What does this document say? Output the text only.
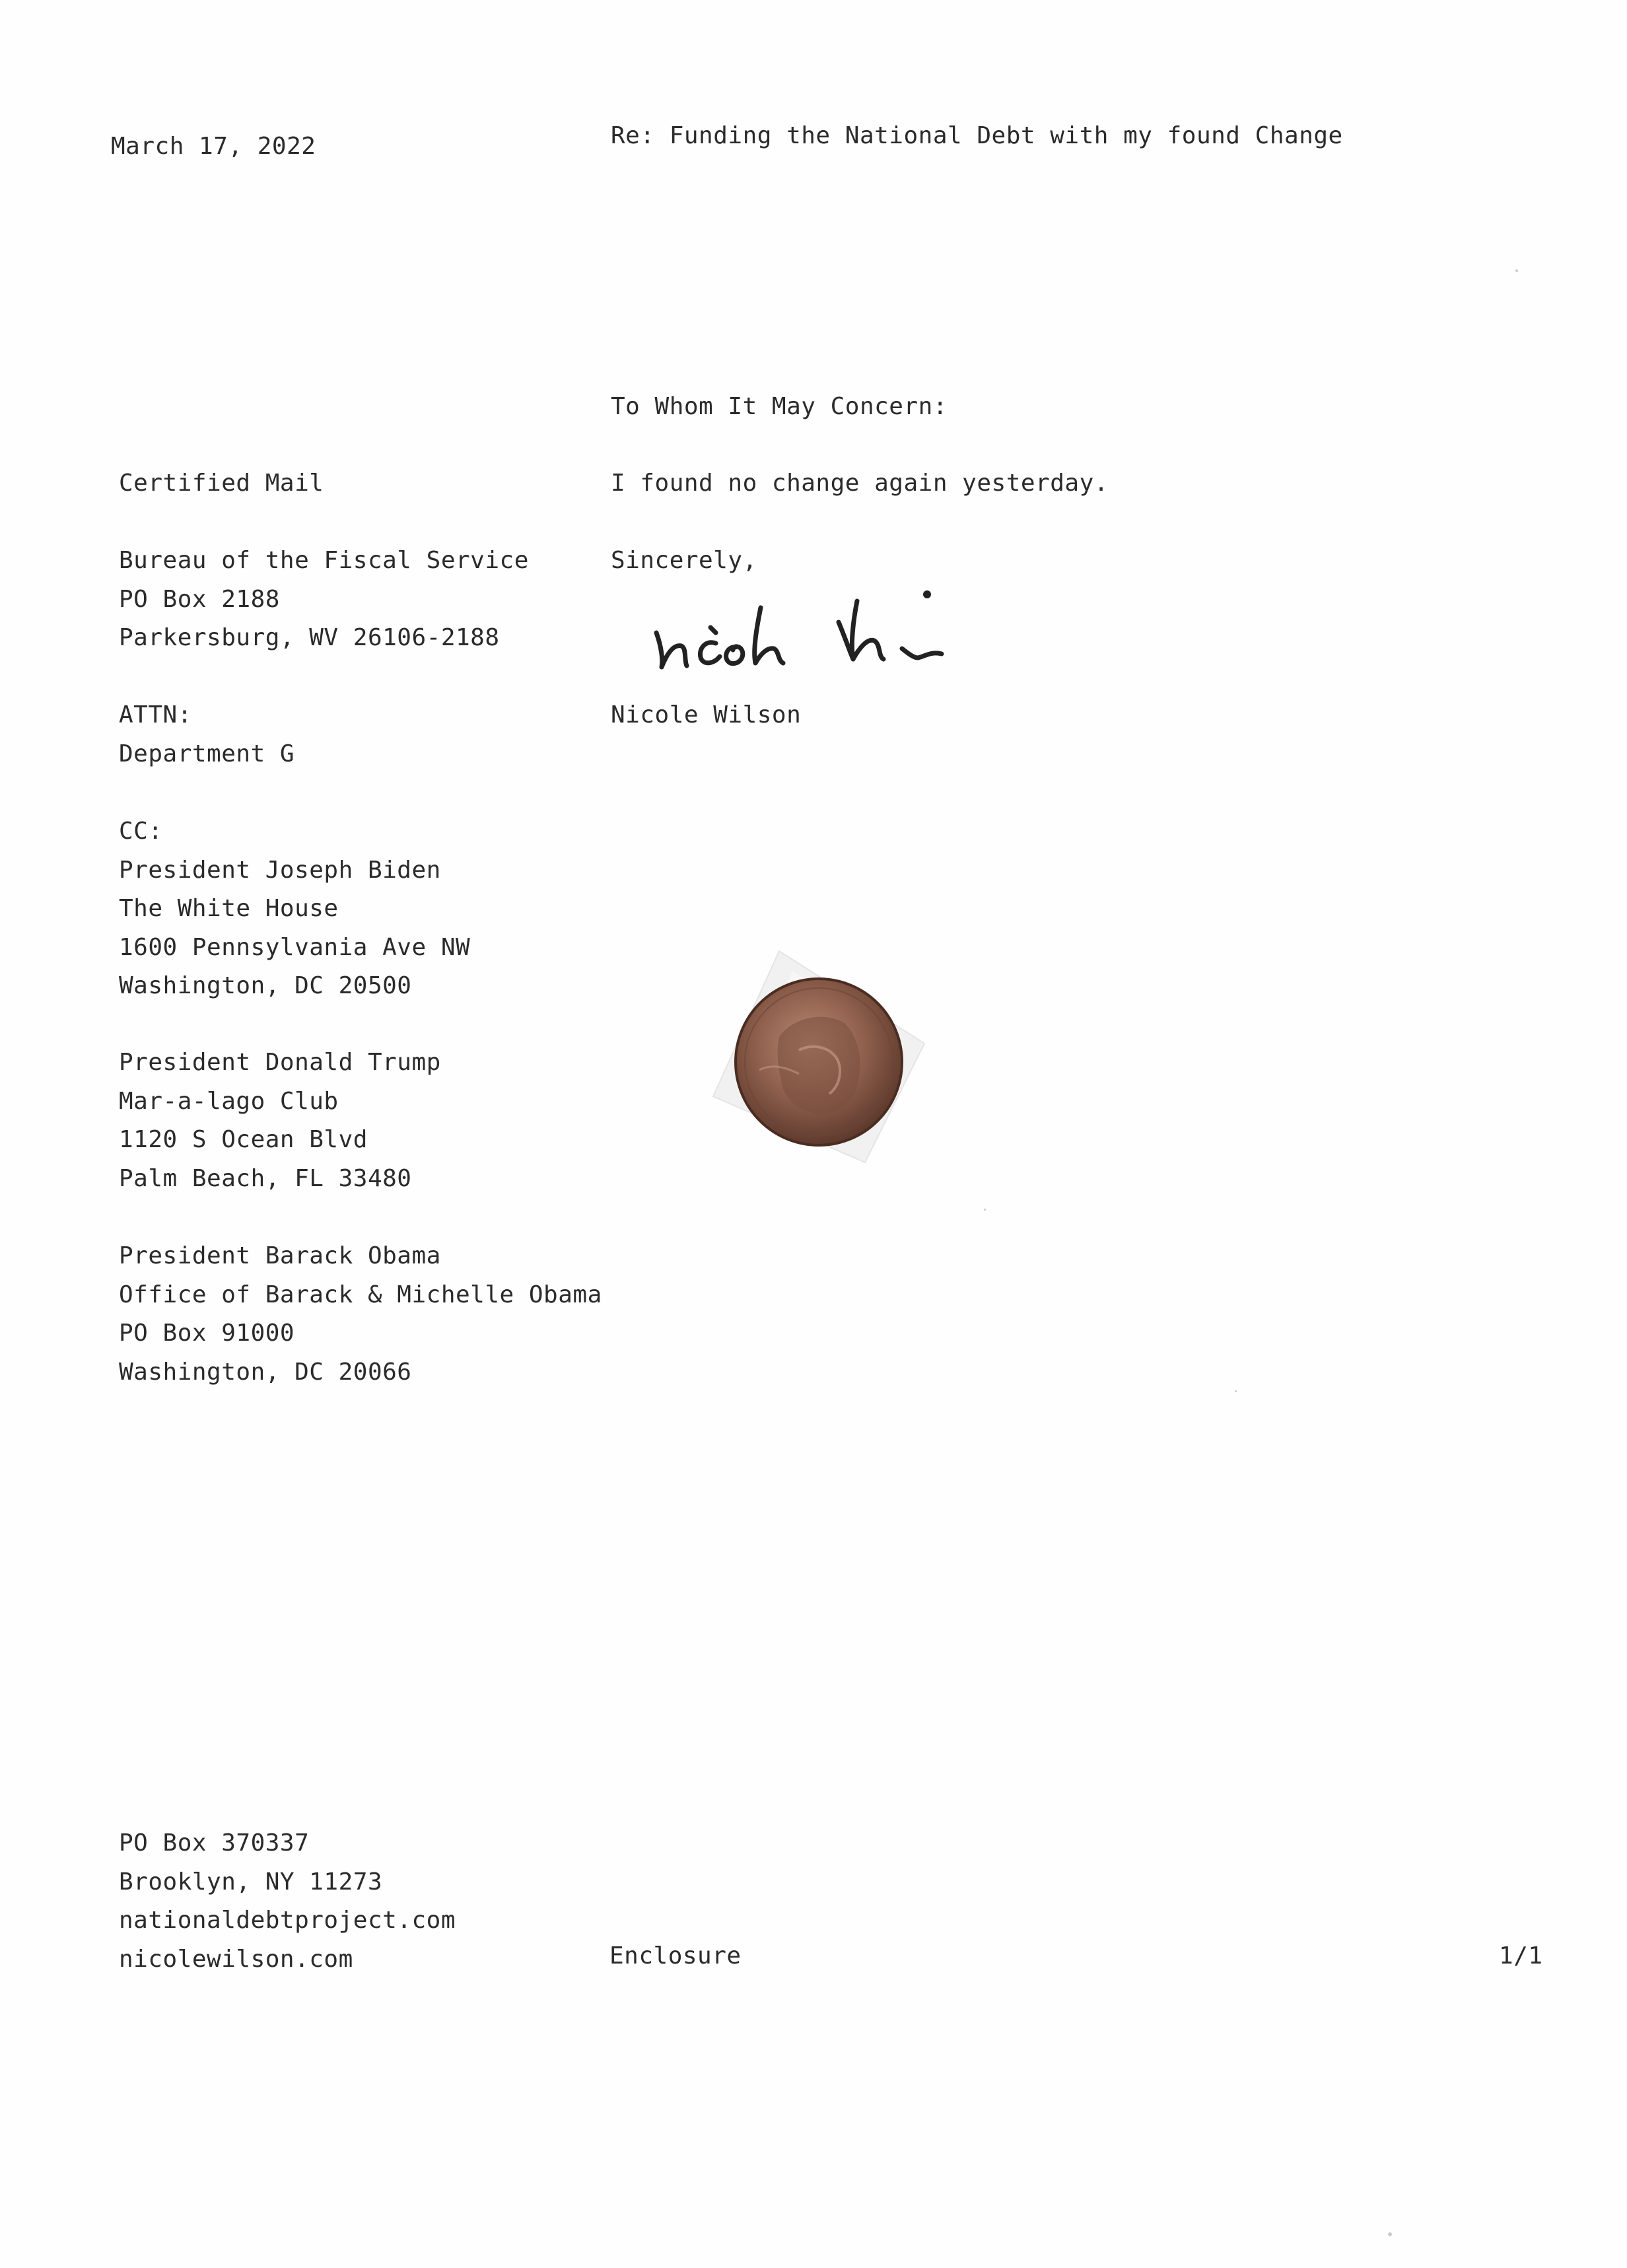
March 17, 2022	Re: Funding the National Debt with my found Change
To Whom It May Concern:
I found no change again yesterday.
Sincerely,
Nicole Wilson
Certified Mail
Bureau of the Fiscal Service
PO Box 2188
Parkersburg, WV 26106-2188
ATTN:
Department G
CC:
President Joseph Biden
The White House
1600 Pennsylvania Ave NW
Washington, DC 20500
President Donald Trump
Mar-a-lago Club
1120 S Ocean Blvd
Palm Beach, FL 33480
President Barack Obama
Office of Barack & Michelle Obama
PO Box 91000
Washington, DC 20066
PO Box 370337
Brooklyn, NY 11273
nationaldebtproject.com
nicolewilson.com	Enclosure	1/1
